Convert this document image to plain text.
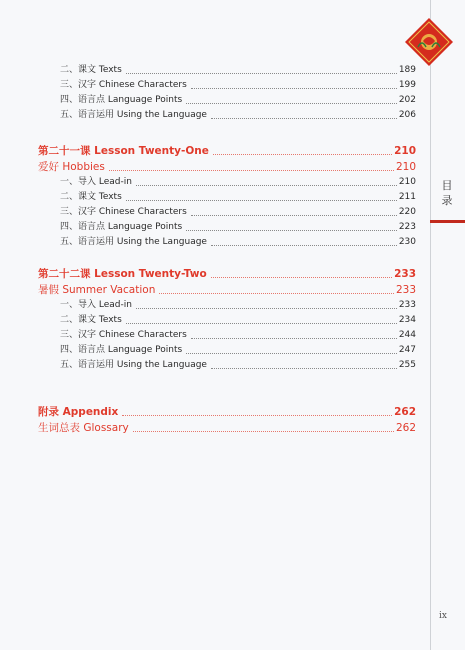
目录
二、课文 Texts	189
三、汉字 Chinese Characters	199
四、语言点 Language Points	202
五、语言运用 Using the Language	206
第二十一课 Lesson Twenty-One	210
爱好 Hobbies	210
一、导入 Lead-in	210
二、课文 Texts	211
三、汉字 Chinese Characters	220
四、语言点 Language Points	223
五、语言运用 Using the Language	230
第二十二课 Lesson Twenty-Two	233
暑假 Summer Vacation	233
一、导入 Lead-in	233
二、课文 Texts	234
三、汉字 Chinese Characters	244
四、语言点 Language Points	247
五、语言运用 Using the Language	255
附录 Appendix	262
生词总表 Glossary	262
ix
